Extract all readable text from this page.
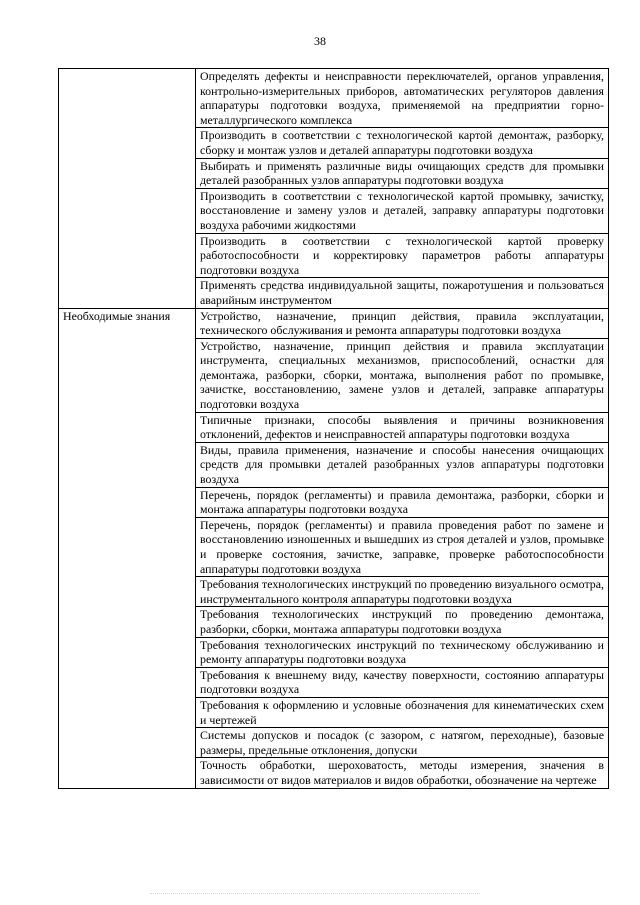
38
	Определять дефекты и неисправности переключателей, органов управления, контрольно-измерительных приборов, автоматических регуляторов давления аппаратуры подготовки воздуха, применяемой на предприятии горно-металлургического комплекса
	Производить в соответствии с технологической картой демонтаж, разборку, сборку и монтаж узлов и деталей аппаратуры подготовки воздуха
	Выбирать и применять различные виды очищающих средств для промывки деталей разобранных узлов аппаратуры подготовки воздуха
	Производить в соответствии с технологической картой промывку, зачистку, восстановление и замену узлов и деталей, заправку аппаратуры подготовки воздуха рабочими жидкостями
	Производить в соответствии с технологической картой проверку работоспособности и корректировку параметров работы аппаратуры подготовки воздуха
	Применять средства индивидуальной защиты, пожаротушения и пользоваться аварийным инструментом

Необходимые знания	Устройство, назначение, принцип действия, правила эксплуатации, технического обслуживания и ремонта аппаратуры подготовки воздуха
	Устройство, назначение, принцип действия и правила эксплуатации инструмента, специальных механизмов, приспособлений, оснастки для демонтажа, разборки, сборки, монтажа, выполнения работ по промывке, зачистке, восстановлению, замене узлов и деталей, заправке аппаратуры подготовки воздуха
	Типичные признаки, способы выявления и причины возникновения отклонений, дефектов и неисправностей аппаратуры подготовки воздуха
	Виды, правила применения, назначение и способы нанесения очищающих средств для промывки деталей разобранных узлов аппаратуры подготовки воздуха
	Перечень, порядок (регламенты) и правила демонтажа, разборки, сборки и монтажа аппаратуры подготовки воздуха
	Перечень, порядок (регламенты) и правила проведения работ по замене и восстановлению изношенных и вышедших из строя деталей и узлов, промывке и проверке состояния, зачистке, заправке, проверке работоспособности аппаратуры подготовки воздуха
	Требования технологических инструкций по проведению визуального осмотра, инструментального контроля аппаратуры подготовки воздуха
	Требования технологических инструкций по проведению демонтажа, разборки, сборки, монтажа аппаратуры подготовки воздуха
	Требования технологических инструкций по техническому обслуживанию и ремонту аппаратуры подготовки воздуха
	Требования к внешнему виду, качеству поверхности, состоянию аппаратуры подготовки воздуха
	Требования к оформлению и условные обозначения для кинематических схем и чертежей
	Системы допусков и посадок (с зазором, с натягом, переходные), базовые размеры, предельные отклонения, допуски
	Точность обработки, шероховатость, методы измерения, значения в зависимости от видов материалов и видов обработки, обозначение на чертеже
